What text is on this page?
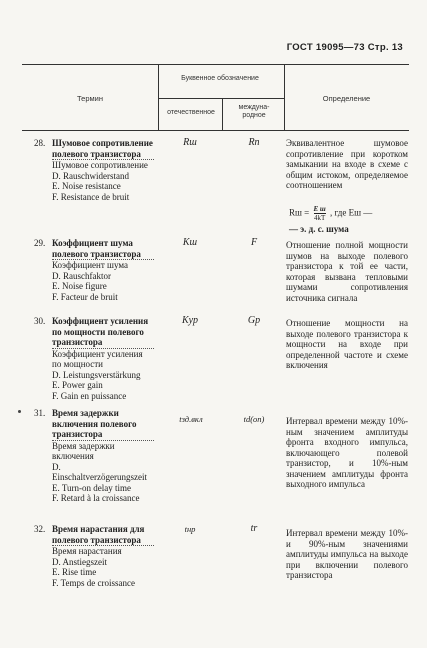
ГОСТ 19095—73 Стр. 13
Термин
Буквенное обозначение
отечественное
междуна-родное
Определение
28. Шумовое сопротивление полевого транзистора
Шумовое сопротивление
D. Rauschwiderstand
E. Noise resistance
F. Resistance de bruit
Rш	Rn	Эквивалентное шумовое сопротивление при коротком замыкании на входе в схеме с общим истоком, определяемое соотношением
Rш = $\frac{\text{E ш}}{4kT}$ , где Eш —
— э. д. с. шума
29. Коэффициент шума полевого транзистора
Коэффициент шума
D. Rauschfaktor
E. Noise figure
F. Facteur de bruit
Kш	F	Отношение полной мощности шумов на выходе полевого транзистора к той ее части, которая вызвана тепловыми шумами сопротивления источника сигнала
30. Коэффициент усиления по мощности полевого транзистора
Коэффициент усиления по мощности
D. Leistungsverstärkung
E. Power gain
F. Gain en puissance
Kур	Gp	Отношение мощности на выходе полевого транзистора к мощности на входе при определенной частоте и схеме включения
31. Время задержки включения полевого транзистора
Время задержки включения
D. Einschaltverzögerungszeit
E. Turn-on delay time
F. Retard à la croissance
tзд.вкл	td(on)	Интервал времени между 10%-ным значением амплитуды фронта входного импульса, включающего полевой транзистор, и 10%-ным значением амплитуды фронта выходного импульса
32. Время нарастания для полевого транзистора
Время нарастания
D. Anstiegszeit
E. Rise time
F. Temps de croissance
tнр	tr	Интервал времени между 10%- и 90%-ным значениями амплитуды импульса на выходе при включении полевого транзистора
